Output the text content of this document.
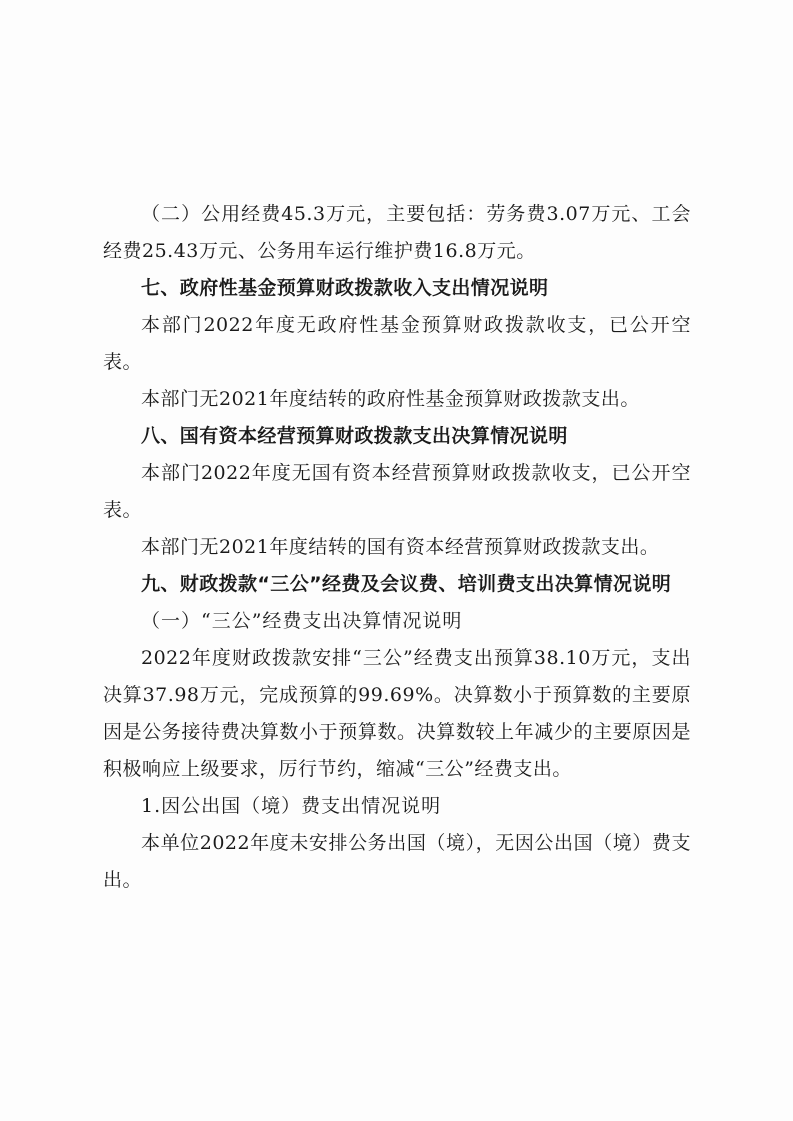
（二）公用经费45.3万元，主要包括：劳务费3.07万元、工会经费25.43万元、公务用车运行维护费16.8万元。

七、政府性基金预算财政拨款收入支出情况说明

本部门2022年度无政府性基金预算财政拨款收支，已公开空表。

本部门无2021年度结转的政府性基金预算财政拨款支出。

八、国有资本经营预算财政拨款支出决算情况说明

本部门2022年度无国有资本经营预算财政拨款收支，已公开空表。

本部门无2021年度结转的国有资本经营预算财政拨款支出。

九、财政拨款“三公”经费及会议费、培训费支出决算情况说明

（一）“三公”经费支出决算情况说明

2022年度财政拨款安排“三公”经费支出预算38.10万元，支出决算37.98万元，完成预算的99.69%。决算数小于预算数的主要原因是公务接待费决算数小于预算数。决算数较上年减少的主要原因是积极响应上级要求，厉行节约，缩减“三公”经费支出。

1.因公出国（境）费支出情况说明

本单位2022年度未安排公务出国（境），无因公出国（境）费支出。
